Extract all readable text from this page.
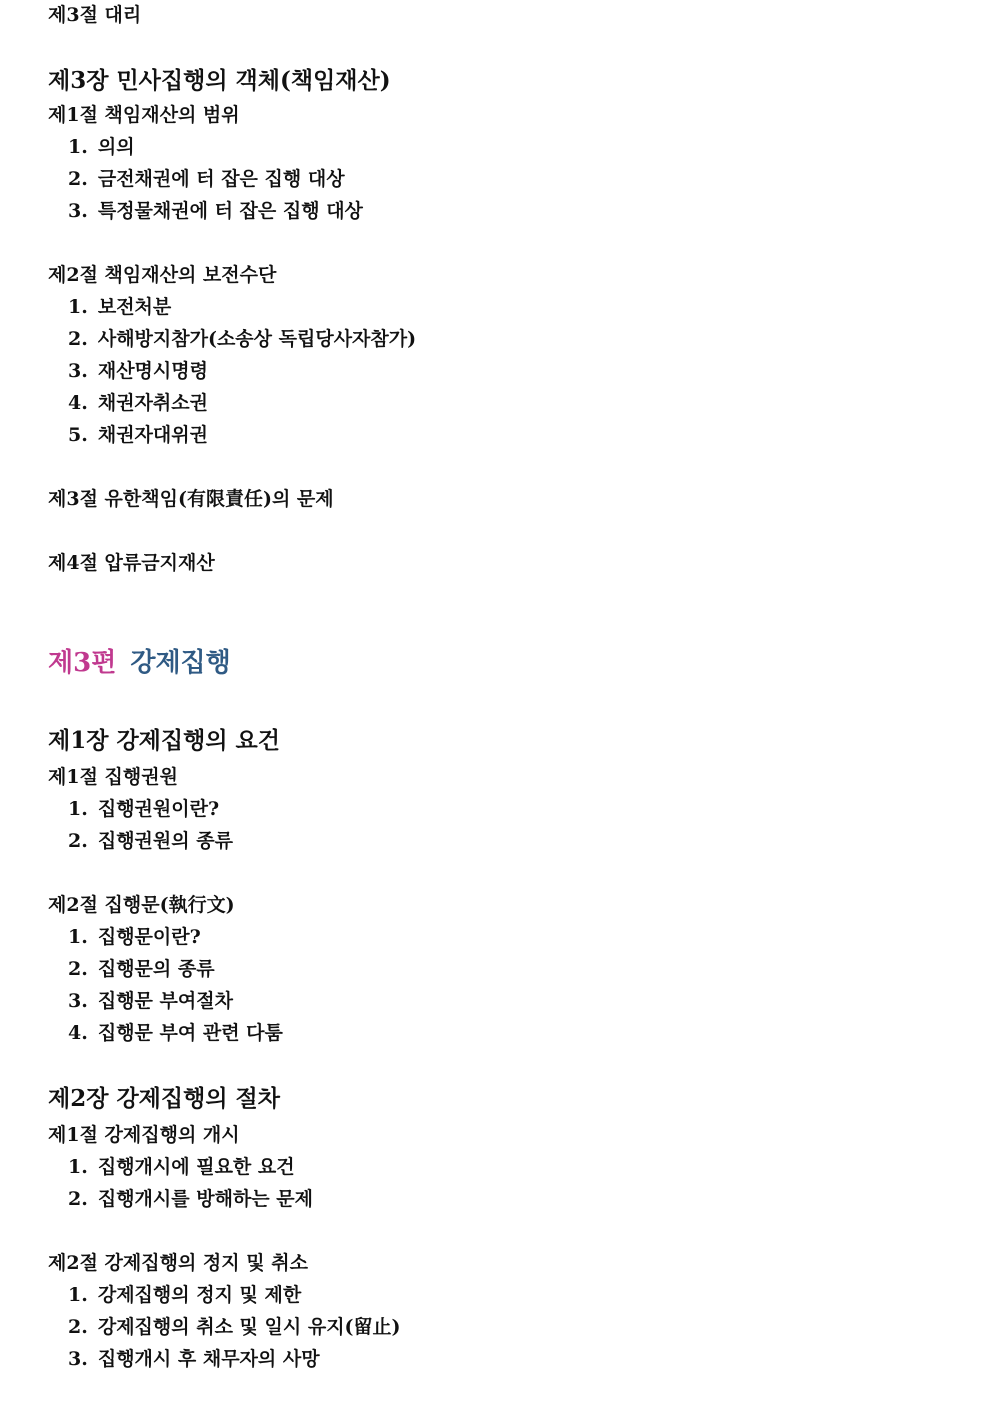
제3절 대리
제3장 민사집행의 객체(책임재산)
제1절 책임재산의 범위
1. 의의
2. 금전채권에 터 잡은 집행 대상
3. 특정물채권에 터 잡은 집행 대상
제2절 책임재산의 보전수단
1. 보전처분
2. 사해방지참가(소송상 독립당사자참가)
3. 재산명시명령
4. 채권자취소권
5. 채권자대위권
제3절 유한책임(有限責任)의 문제
제4절 압류금지재산
제3편 강제집행
제1장 강제집행의 요건
제1절 집행권원
1. 집행권원이란?
2. 집행권원의 종류
제2절 집행문(執行文)
1. 집행문이란?
2. 집행문의 종류
3. 집행문 부여절차
4. 집행문 부여 관련 다툼
제2장 강제집행의 절차
제1절 강제집행의 개시
1. 집행개시에 필요한 요건
2. 집행개시를 방해하는 문제
제2절 강제집행의 정지 및 취소
1. 강제집행의 정지 및 제한
2. 강제집행의 취소 및 일시 유지(留止)
3. 집행개시 후 채무자의 사망
